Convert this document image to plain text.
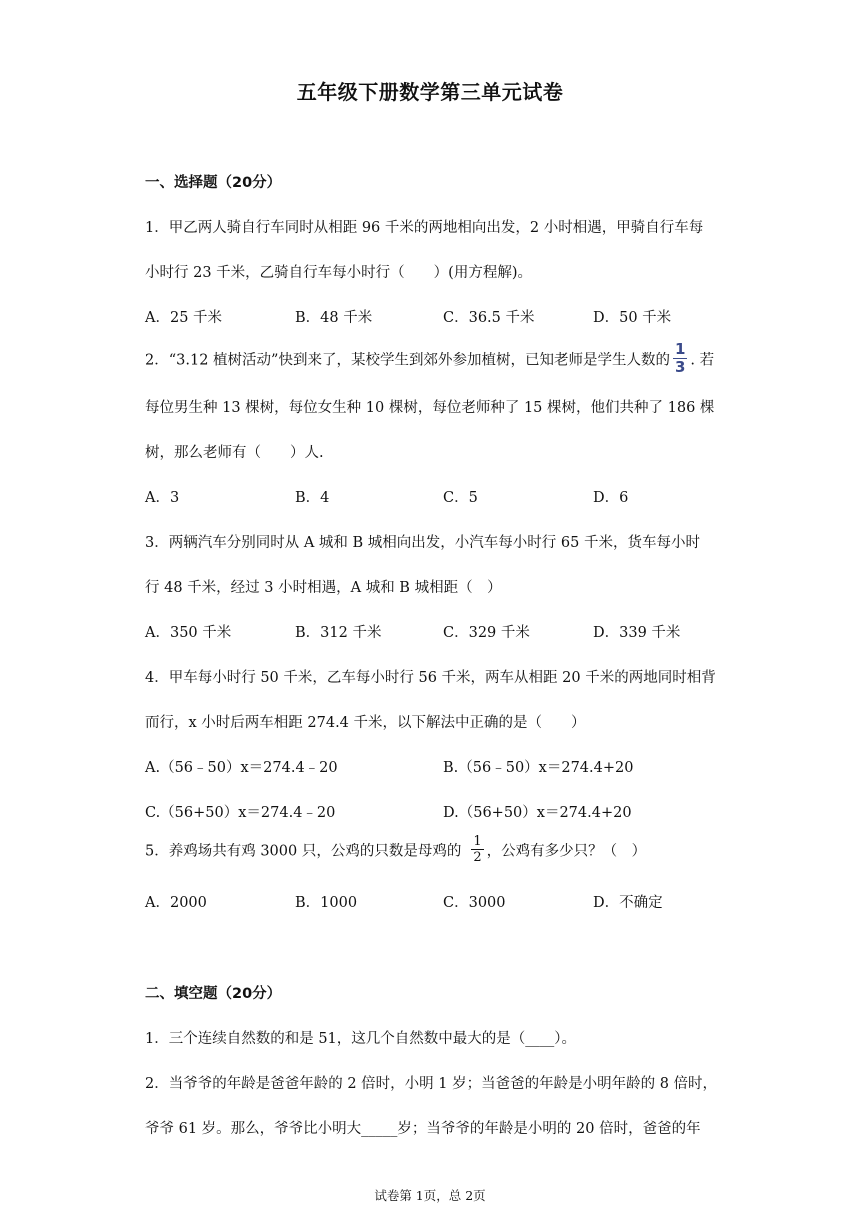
五年级下册数学第三单元试卷
一、选择题（20分）
1．甲乙两人骑自行车同时从相距 96 千米的两地相向出发，2 小时相遇，甲骑自行车每
小时行 23 千米，乙骑自行车每小时行（　　）(用方程解)。
A．25 千米	B．48 千米	C．36.5 千米	D．50 千米
2．“3.12 植树活动”快到来了，某校学生到郊外参加植树，已知老师是学生人数的 $\frac{1}{3}$ . 若
每位男生种 13 棵树，每位女生种 10 棵树，每位老师种了 15 棵树，他们共种了 186 棵
树，那么老师有（　　）人.
A．3	B．4	C．5	D．6
3．两辆汽车分别同时从 A 城和 B 城相向出发，小汽车每小时行 65 千米，货车每小时
行 48 千米，经过 3 小时相遇，A 城和 B 城相距（　）
A．350 千米	B．312 千米	C．329 千米	D．339 千米
4．甲车每小时行 50 千米，乙车每小时行 56 千米，两车从相距 20 千米的两地同时相背
而行，x 小时后两车相距 274.4 千米，以下解法中正确的是（　　）
A.（56﹣50）x＝274.4﹣20	B.（56﹣50）x＝274.4+20
C.（56+50）x＝274.4﹣20	D.（56+50）x＝274.4+20
5．养鸡场共有鸡 3000 只，公鸡的只数是母鸡的 $\frac{1}{2}$ ，公鸡有多少只？（　）
A．2000	B．1000	C．3000	D．不确定
二、填空题（20分）
1．三个连续自然数的和是 51，这几个自然数中最大的是（____）。
2．当爷爷的年龄是爸爸年龄的 2 倍时，小明 1 岁；当爸爸的年龄是小明年龄的 8 倍时，
爷爷 61 岁。那么，爷爷比小明大_____岁；当爷爷的年龄是小明的 20 倍时，爸爸的年
试卷第 1页，总 2页
